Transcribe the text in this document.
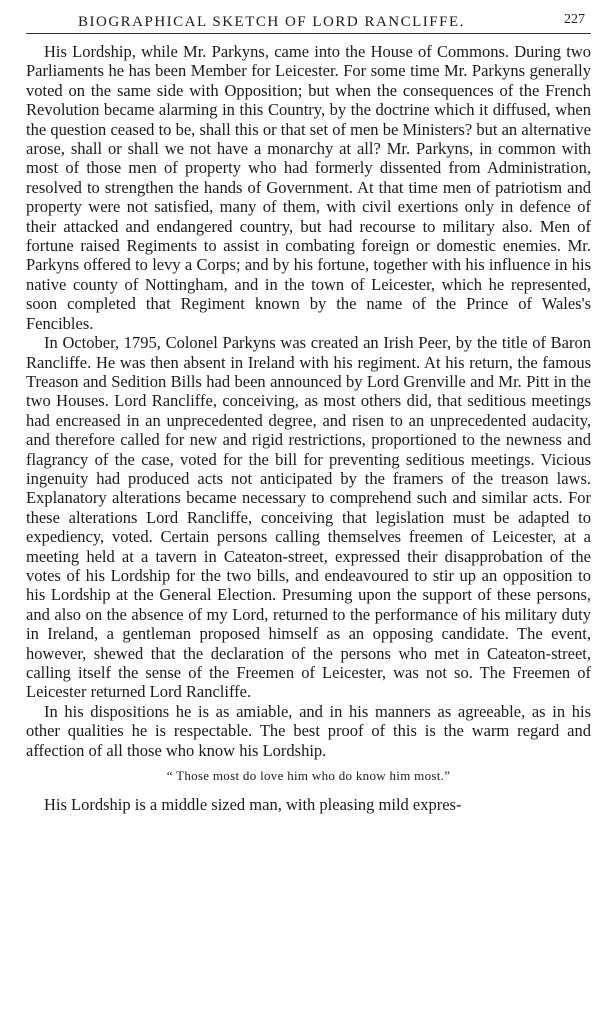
BIOGRAPHICAL SKETCH OF LORD RANCLIFFE.	227

His Lordship, while Mr. Parkyns, came into the House of Commons. During two Parliaments he has been Member for Leicester. For some time Mr. Parkyns generally voted on the same side with Opposition; but when the consequences of the French Revolution became alarming in this Country, by the doctrine which it diffused, when the question ceased to be, shall this or that set of men be Ministers? but an alternative arose, shall or shall we not have a monarchy at all? Mr. Parkyns, in common with most of those men of property who had formerly dissented from Administration, resolved to strengthen the hands of Government. At that time men of patriotism and property were not satisfied, many of them, with civil exertions only in defence of their attacked and endangered country, but had recourse to military also. Men of fortune raised Regiments to assist in combating foreign or domestic enemies. Mr. Parkyns offered to levy a Corps; and by his fortune, together with his influence in his native county of Nottingham, and in the town of Leicester, which he represented, soon completed that Regiment known by the name of the Prince of Wales's Fencibles.

In October, 1795, Colonel Parkyns was created an Irish Peer, by the title of Baron Rancliffe. He was then absent in Ireland with his regiment. At his return, the famous Treason and Sedition Bills had been announced by Lord Grenville and Mr. Pitt in the two Houses. Lord Rancliffe, conceiving, as most others did, that seditious meetings had encreased in an unprecedented degree, and risen to an unprecedented audacity, and therefore called for new and rigid restrictions, proportioned to the newness and flagrancy of the case, voted for the bill for preventing seditious meetings. Vicious ingenuity had produced acts not anticipated by the framers of the treason laws. Explanatory alterations became necessary to comprehend such and similar acts. For these alterations Lord Rancliffe, conceiving that legislation must be adapted to expediency, voted. Certain persons calling themselves freemen of Leicester, at a meeting held at a tavern in Cateaton-street, expressed their disapprobation of the votes of his Lordship for the two bills, and endeavoured to stir up an opposition to his Lordship at the General Election. Presuming upon the support of these persons, and also on the absence of my Lord, returned to the performance of his military duty in Ireland, a gentleman proposed himself as an opposing candidate. The event, however, shewed that the declaration of the persons who met in Cateaton-street, calling itself the sense of the Freemen of Leicester, was not so. The Freemen of Leicester returned Lord Rancliffe.

In his dispositions he is as amiable, and in his manners as agreeable, as in his other qualities he is respectable. The best proof of this is the warm regard and affection of all those who know his Lordship.

“ Those most do love him who do know him most.”

His Lordship is a middle sized man, with pleasing mild expres-
